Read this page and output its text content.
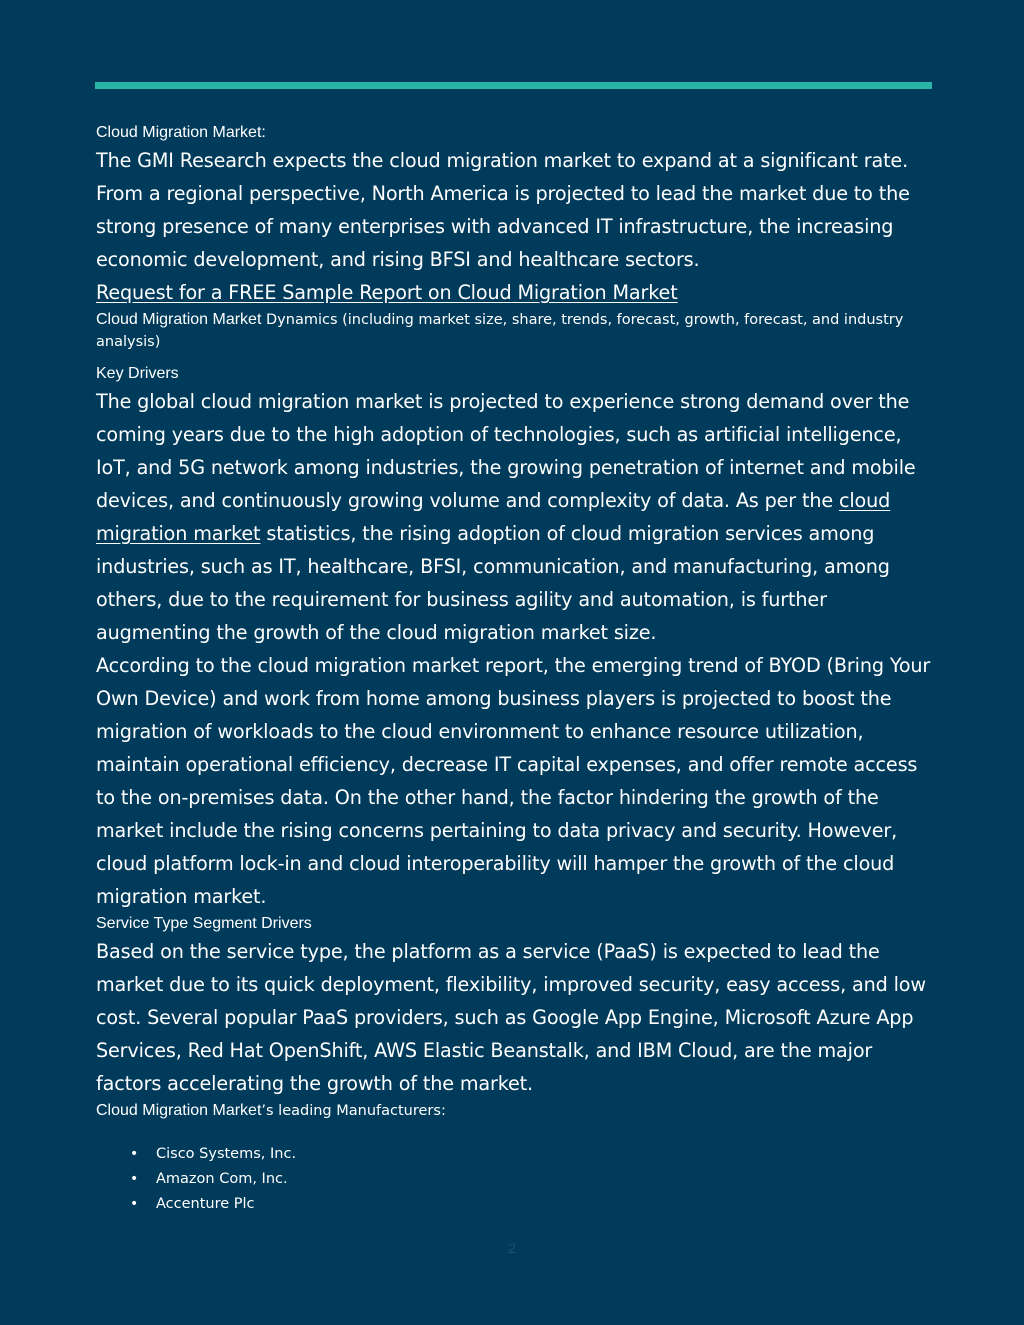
Cloud Migration Market:

The GMI Research expects the cloud migration market to expand at a significant rate. From a regional perspective, North America is projected to lead the market due to the strong presence of many enterprises with advanced IT infrastructure, the increasing economic development, and rising BFSI and healthcare sectors.

Request for a FREE Sample Report on Cloud Migration Market

Cloud Migration Market Dynamics (including market size, share, trends, forecast, growth, forecast, and industry analysis)

Key Drivers

The global cloud migration market is projected to experience strong demand over the coming years due to the high adoption of technologies, such as artificial intelligence, IoT, and 5G network among industries, the growing penetration of internet and mobile devices, and continuously growing volume and complexity of data. As per the cloud migration market statistics, the rising adoption of cloud migration services among industries, such as IT, healthcare, BFSI, communication, and manufacturing, among others, due to the requirement for business agility and automation, is further augmenting the growth of the cloud migration market size.

According to the cloud migration market report, the emerging trend of BYOD (Bring Your Own Device) and work from home among business players is projected to boost the migration of workloads to the cloud environment to enhance resource utilization, maintain operational efficiency, decrease IT capital expenses, and offer remote access to the on-premises data. On the other hand, the factor hindering the growth of the market include the rising concerns pertaining to data privacy and security. However, cloud platform lock-in and cloud interoperability will hamper the growth of the cloud migration market.

Service Type Segment Drivers

Based on the service type, the platform as a service (PaaS) is expected to lead the market due to its quick deployment, flexibility, improved security, easy access, and low cost. Several popular PaaS providers, such as Google App Engine, Microsoft Azure App Services, Red Hat OpenShift, AWS Elastic Beanstalk, and IBM Cloud, are the major factors accelerating the growth of the market.

Cloud Migration Market’s leading Manufacturers:

• Cisco Systems, Inc.
• Amazon Com, Inc.
• Accenture Plc
2
